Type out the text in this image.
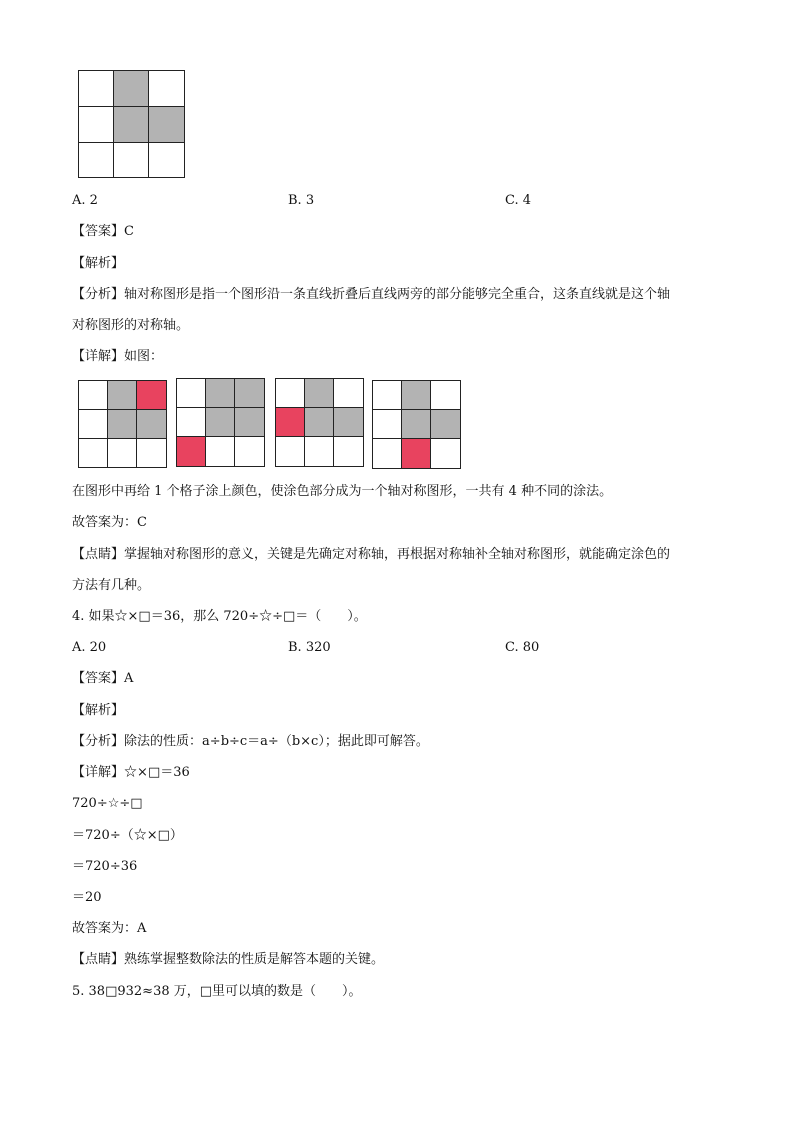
A. 2	B. 3	C. 4
【 答案 】 C
【 解析 】
【 分析 】 轴对称图形是指一个图形沿一条直线折叠后直线两旁的部分能够完全重合，这条直线就是这个轴
对称图形的对称轴。
【 详解 】 如图：
在图形中再给 1 个格子涂上颜色，使涂色部分成为一个轴对称图形，一共有 4 种不同的涂法。
故答案为：C
【 点睛 】 掌握轴对称图形的意义，关键是先确定对称轴，再根据对称轴补全轴对称图形，就能确定涂色的
方法有几种。
4. 如果☆×□＝36，那么 720÷☆÷□＝（　　）。
A. 20	B. 320	C. 80
【 答案 】 A
【 解析 】
【 分析 】 除法的性质：a÷b÷c＝a÷（b×c）；据此即可解答。
【 详解 】 ☆×□＝36
720÷☆÷□
＝720÷（☆×□）
＝720÷36
＝20
故答案为：A
【 点睛 】 熟练掌握整数除法的性质是解答本题的关键。
5. 38□932≈38 万，□里可以填的数是（　　）。
